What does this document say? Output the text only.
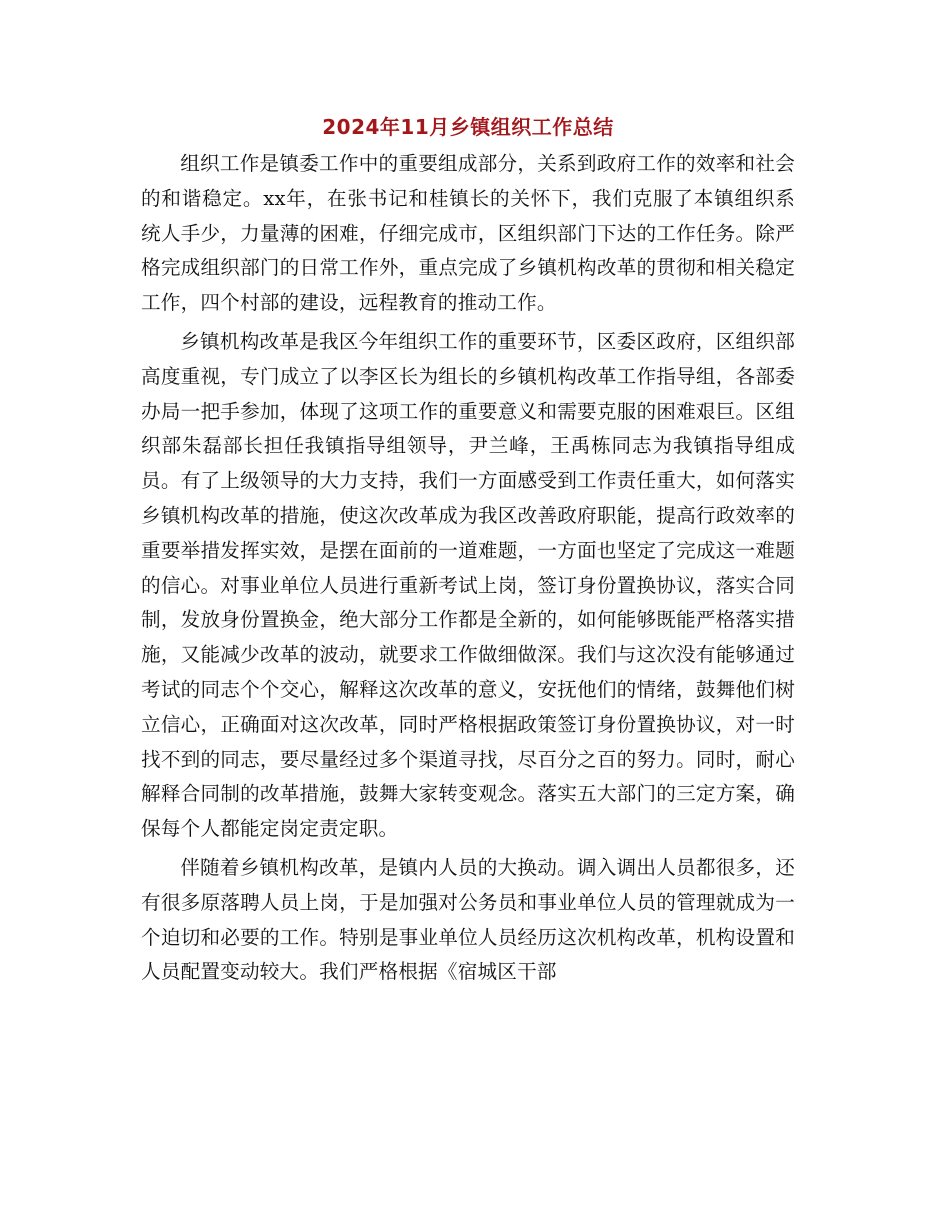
2024年11月乡镇组织工作总结

组织工作是镇委工作中的重要组成部分，关系到政府工作的效率和社会的和谐稳定。xx年，在张书记和桂镇长的关怀下，我们克服了本镇组织系统人手少，力量薄的困难，仔细完成市，区组织部门下达的工作任务。除严格完成组织部门的日常工作外，重点完成了乡镇机构改革的贯彻和相关稳定工作，四个村部的建设，远程教育的推动工作。

乡镇机构改革是我区今年组织工作的重要环节，区委区政府，区组织部高度重视，专门成立了以李区长为组长的乡镇机构改革工作指导组，各部委办局一把手参加，体现了这项工作的重要意义和需要克服的困难艰巨。区组织部朱磊部长担任我镇指导组领导，尹兰峰，王禹栋同志为我镇指导组成员。有了上级领导的大力支持，我们一方面感受到工作责任重大，如何落实乡镇机构改革的措施，使这次改革成为我区改善政府职能，提高行政效率的重要举措发挥实效，是摆在面前的一道难题，一方面也坚定了完成这一难题的信心。对事业单位人员进行重新考试上岗，签订身份置换协议，落实合同制，发放身份置换金，绝大部分工作都是全新的，如何能够既能严格落实措施，又能减少改革的波动，就要求工作做细做深。我们与这次没有能够通过考试的同志个个交心，解释这次改革的意义，安抚他们的情绪，鼓舞他们树立信心，正确面对这次改革，同时严格根据政策签订身份置换协议，对一时找不到的同志，要尽量经过多个渠道寻找，尽百分之百的努力。同时，耐心解释合同制的改革措施，鼓舞大家转变观念。落实五大部门的三定方案，确保每个人都能定岗定责定职。

伴随着乡镇机构改革，是镇内人员的大换动。调入调出人员都很多，还有很多原落聘人员上岗，于是加强对公务员和事业单位人员的管理就成为一个迫切和必要的工作。特别是事业单位人员经历这次机构改革，机构设置和人员配置变动较大。我们严格根据《宿城区干部
